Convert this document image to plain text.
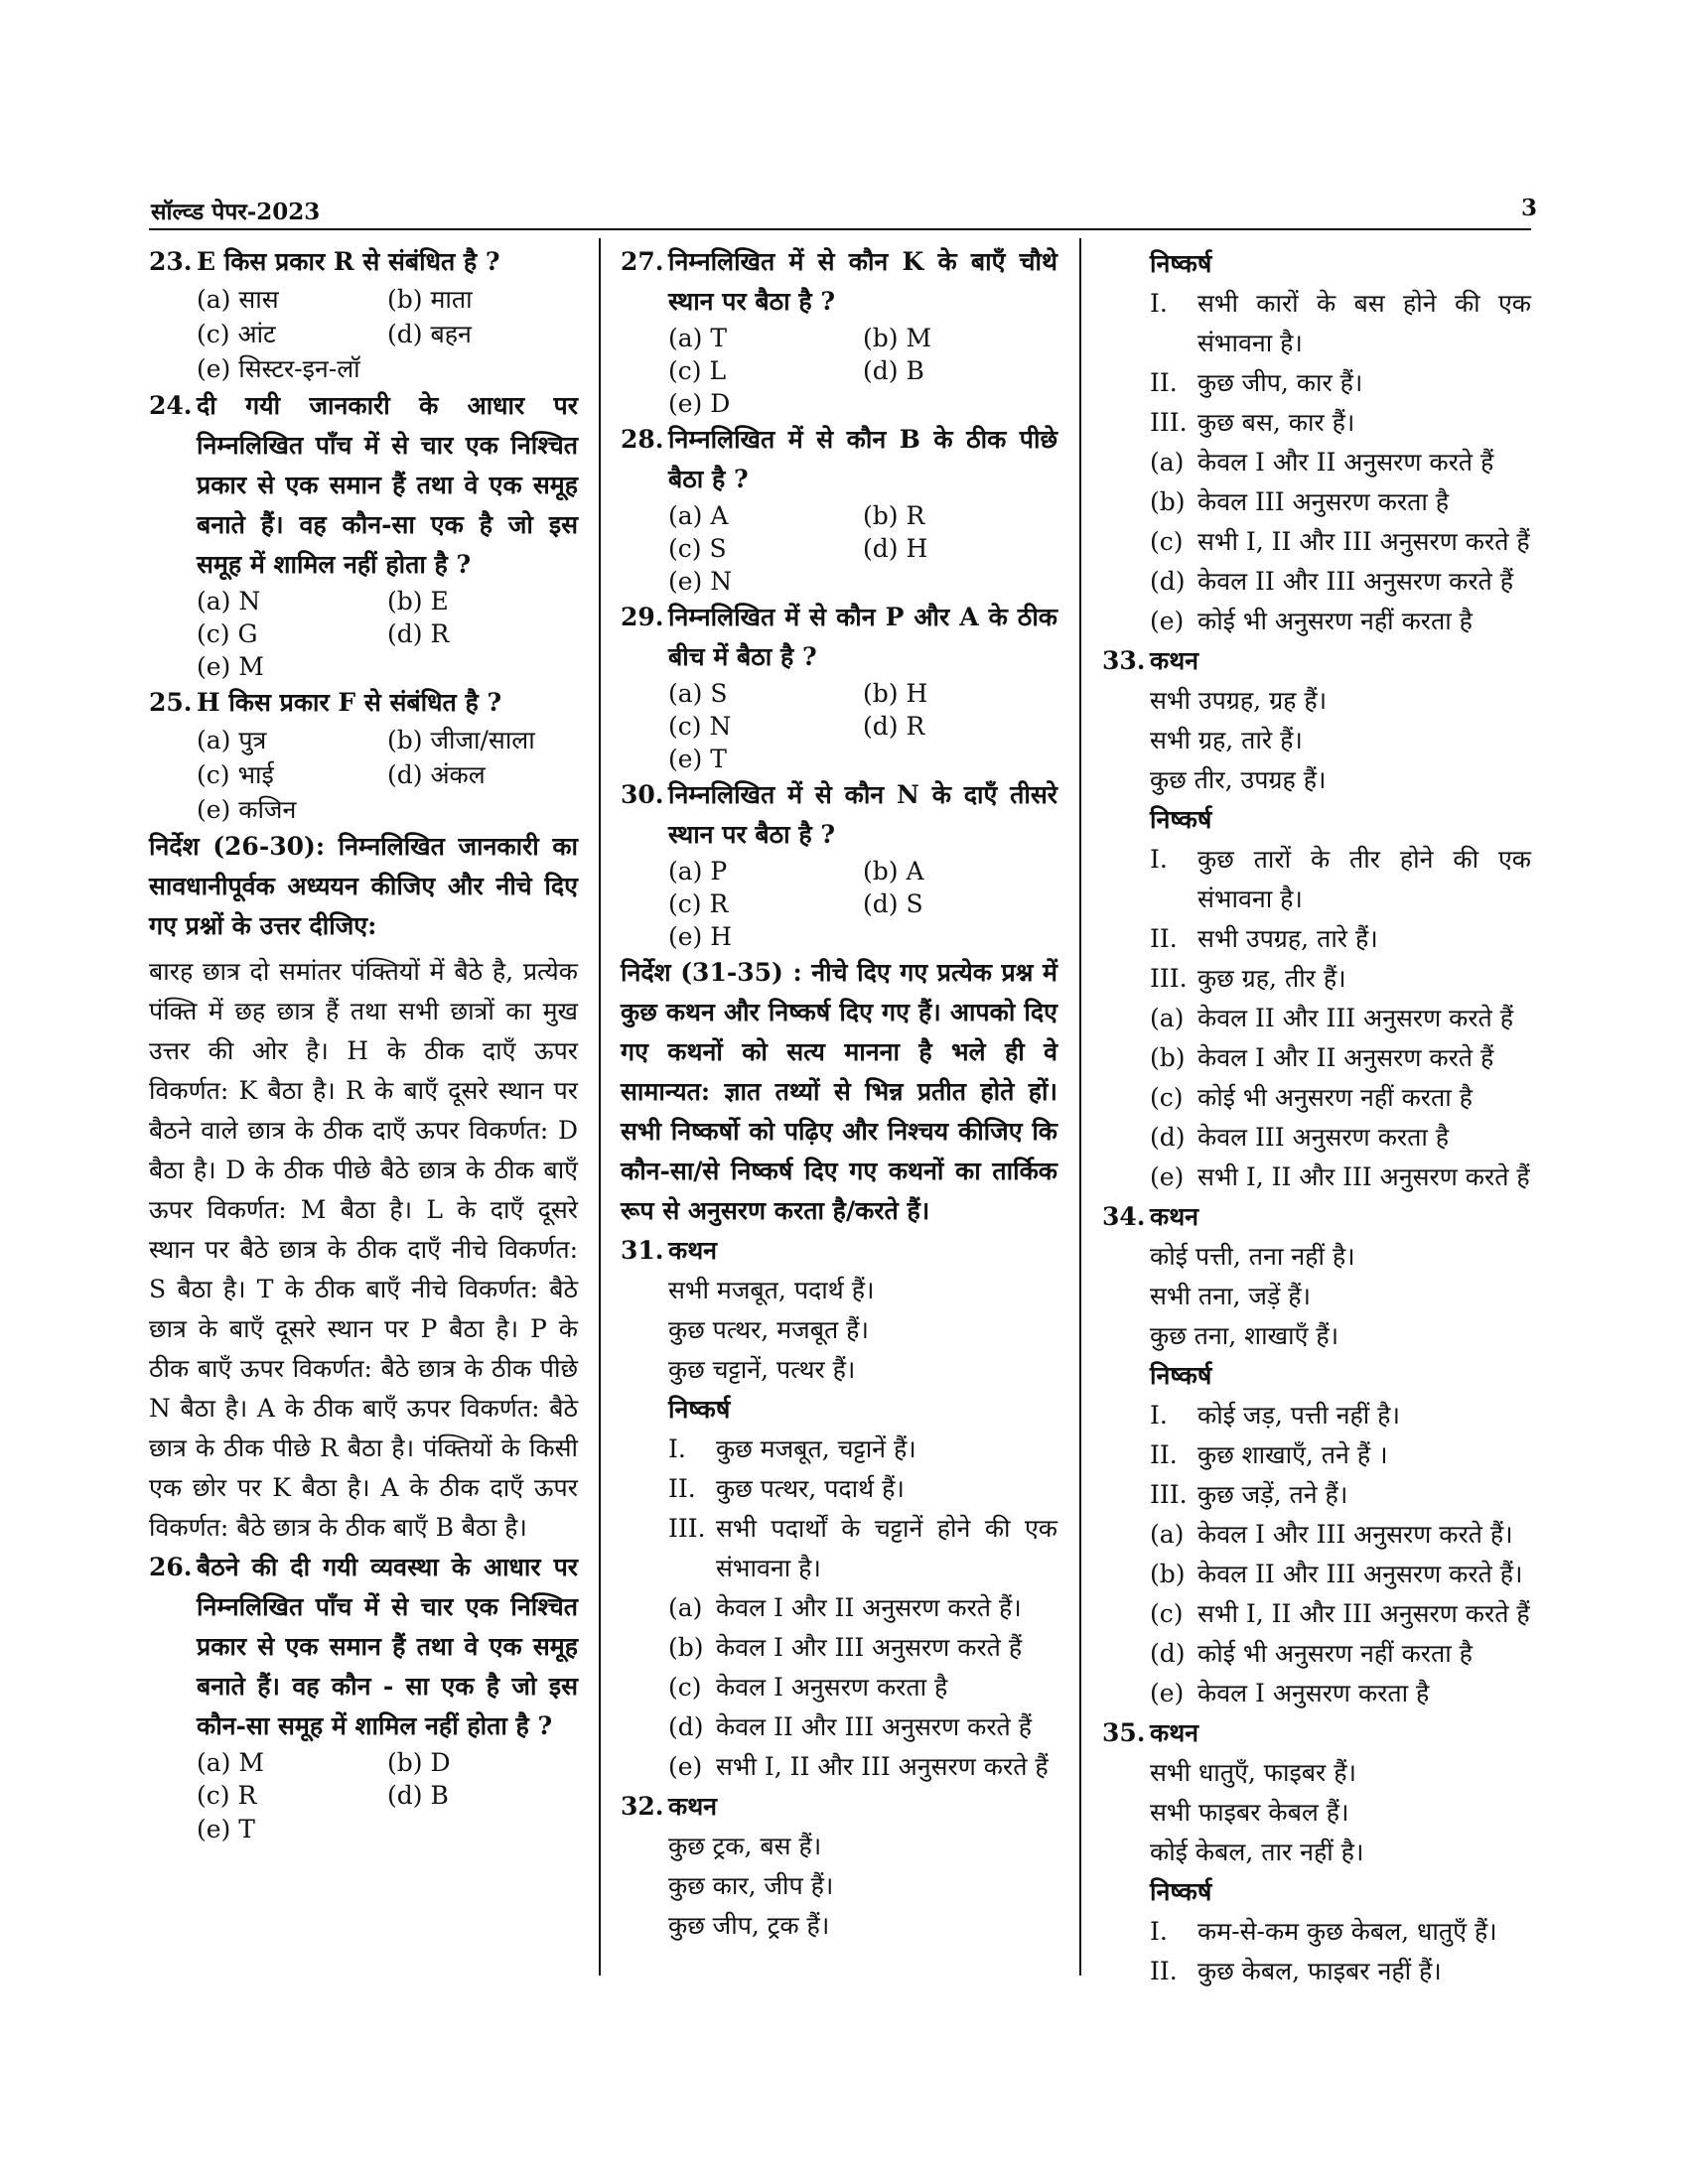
सॉल्व्ड पेपर-2023	3
23. E किस प्रकार R से संबंधित है ?
(a) सास	(b) माता
(c) आंट	(d) बहन
(e) सिस्टर-इन-लॉ
24. दी गयी जानकारी के आधार पर निम्नलिखित पाँच में से चार एक निश्चित प्रकार से एक समान हैं तथा वे एक समूह बनाते हैं। वह कौन-सा एक है जो इस समूह में शामिल नहीं होता है ?
(a) N	(b) E
(c) G	(d) R
(e) M
25. H किस प्रकार F से संबंधित है ?
(a) पुत्र	(b) जीजा/साला
(c) भाई	(d) अंकल
(e) कजिन
निर्देश (26-30): निम्नलिखित जानकारी का सावधानीपूर्वक अध्ययन कीजिए और नीचे दिए गए प्रश्नों के उत्तर दीजिए:
बारह छात्र दो समांतर पंक्तियों में बैठे है, प्रत्येक पंक्ति में छह छात्र हैं तथा सभी छात्रों का मुख उत्तर की ओर है। H के ठीक दाएँ ऊपर विकर्णत: K बैठा है। R के बाएँ दूसरे स्थान पर बैठने वाले छात्र के ठीक दाएँ ऊपर विकर्णत: D बैठा है। D के ठीक पीछे बैठे छात्र के ठीक बाएँ ऊपर विकर्णत: M बैठा है। L के दाएँ दूसरे स्थान पर बैठे छात्र के ठीक दाएँ नीचे विकर्णत: S बैठा है। T के ठीक बाएँ नीचे विकर्णत: बैठे छात्र के बाएँ दूसरे स्थान पर P बैठा है। P के ठीक बाएँ ऊपर विकर्णत: बैठे छात्र के ठीक पीछे N बैठा है। A के ठीक बाएँ ऊपर विकर्णत: बैठे छात्र के ठीक पीछे R बैठा है। पंक्तियों के किसी एक छोर पर K बैठा है। A के ठीक दाएँ ऊपर विकर्णत: बैठे छात्र के ठीक बाएँ B बैठा है।
26. बैठने की दी गयी व्यवस्था के आधार पर निम्नलिखित पाँच में से चार एक निश्चित प्रकार से एक समान हैं तथा वे एक समूह बनाते हैं। वह कौन - सा एक है जो इस कौन-सा समूह में शामिल नहीं होता है ?
(a) M	(b) D
(c) R	(d) B
(e) T
27. निम्नलिखित में से कौन K के बाएँ चौथे स्थान पर बैठा है ?
(a) T	(b) M
(c) L	(d) B
(e) D
28. निम्नलिखित में से कौन B के ठीक पीछे बैठा है ?
(a) A	(b) R
(c) S	(d) H
(e) N
29. निम्नलिखित में से कौन P और A के ठीक बीच में बैठा है ?
(a) S	(b) H
(c) N	(d) R
(e) T
30. निम्नलिखित में से कौन N के दाएँ तीसरे स्थान पर बैठा है ?
(a) P	(b) A
(c) R	(d) S
(e) H
निर्देश (31-35) : नीचे दिए गए प्रत्येक प्रश्न में कुछ कथन और निष्कर्ष दिए गए हैं। आपको दिए गए कथनों को सत्य मानना है भले ही वे सामान्यत: ज्ञात तथ्यों से भिन्न प्रतीत होते हों। सभी निष्कर्षो को पढ़िए और निश्चय कीजिए कि कौन-सा/से निष्कर्ष दिए गए कथनों का तार्किक रूप से अनुसरण करता है/करते हैं।
31. कथन
सभी मजबूत, पदार्थ हैं।
कुछ पत्थर, मजबूत हैं।
कुछ चट्टानें, पत्थर हैं।
निष्कर्ष
I.	कुछ मजबूत, चट्टानें हैं।
II. कुछ पत्थर, पदार्थ हैं।
III. सभी पदार्थों के चट्टानें होने की एक संभावना है।
(a) केवल I और II अनुसरण करते हैं।
(b) केवल I और III अनुसरण करते हैं
(c) केवल I अनुसरण करता है
(d) केवल II और III अनुसरण करते हैं
(e) सभी I, II और III अनुसरण करते हैं
32. कथन
कुछ ट्रक, बस हैं।
कुछ कार, जीप हैं।
कुछ जीप, ट्रक हैं।
निष्कर्ष
I.	सभी कारों के बस होने की एक संभावना है।
II. कुछ जीप, कार हैं।
III. कुछ बस, कार हैं।
(a) केवल I और II अनुसरण करते हैं
(b) केवल III अनुसरण करता है
(c) सभी I, II और III अनुसरण करते हैं
(d) केवल II और III अनुसरण करते हैं
(e) कोई भी अनुसरण नहीं करता है
33. कथन
सभी उपग्रह, ग्रह हैं।
सभी ग्रह, तारे हैं।
कुछ तीर, उपग्रह हैं।
निष्कर्ष
I.	कुछ तारों के तीर होने की एक संभावना है।
II. सभी उपग्रह, तारे हैं।
III. कुछ ग्रह, तीर हैं।
(a) केवल II और III अनुसरण करते हैं
(b) केवल I और II अनुसरण करते हैं
(c) कोई भी अनुसरण नहीं करता है
(d) केवल III अनुसरण करता है
(e) सभी I, II और III अनुसरण करते हैं
34. कथन
कोई पत्ती, तना नहीं है।
सभी तना, जड़ें हैं।
कुछ तना, शाखाएँ हैं।
निष्कर्ष
I.	कोई जड़, पत्ती नहीं है।
II. कुछ शाखाएँ, तने हैं ।
III. कुछ जड़ें, तने हैं।
(a) केवल I और III अनुसरण करते हैं।
(b) केवल II और III अनुसरण करते हैं।
(c) सभी I, II और III अनुसरण करते हैं
(d) कोई भी अनुसरण नहीं करता है
(e) केवल I अनुसरण करता है
35. कथन
सभी धातुएँ, फाइबर हैं।
सभी फाइबर केबल हैं।
कोई केबल, तार नहीं है।
निष्कर्ष
I.	कम-से-कम कुछ केबल, धातुएँ हैं।
II. कुछ केबल, फाइबर नहीं हैं।
